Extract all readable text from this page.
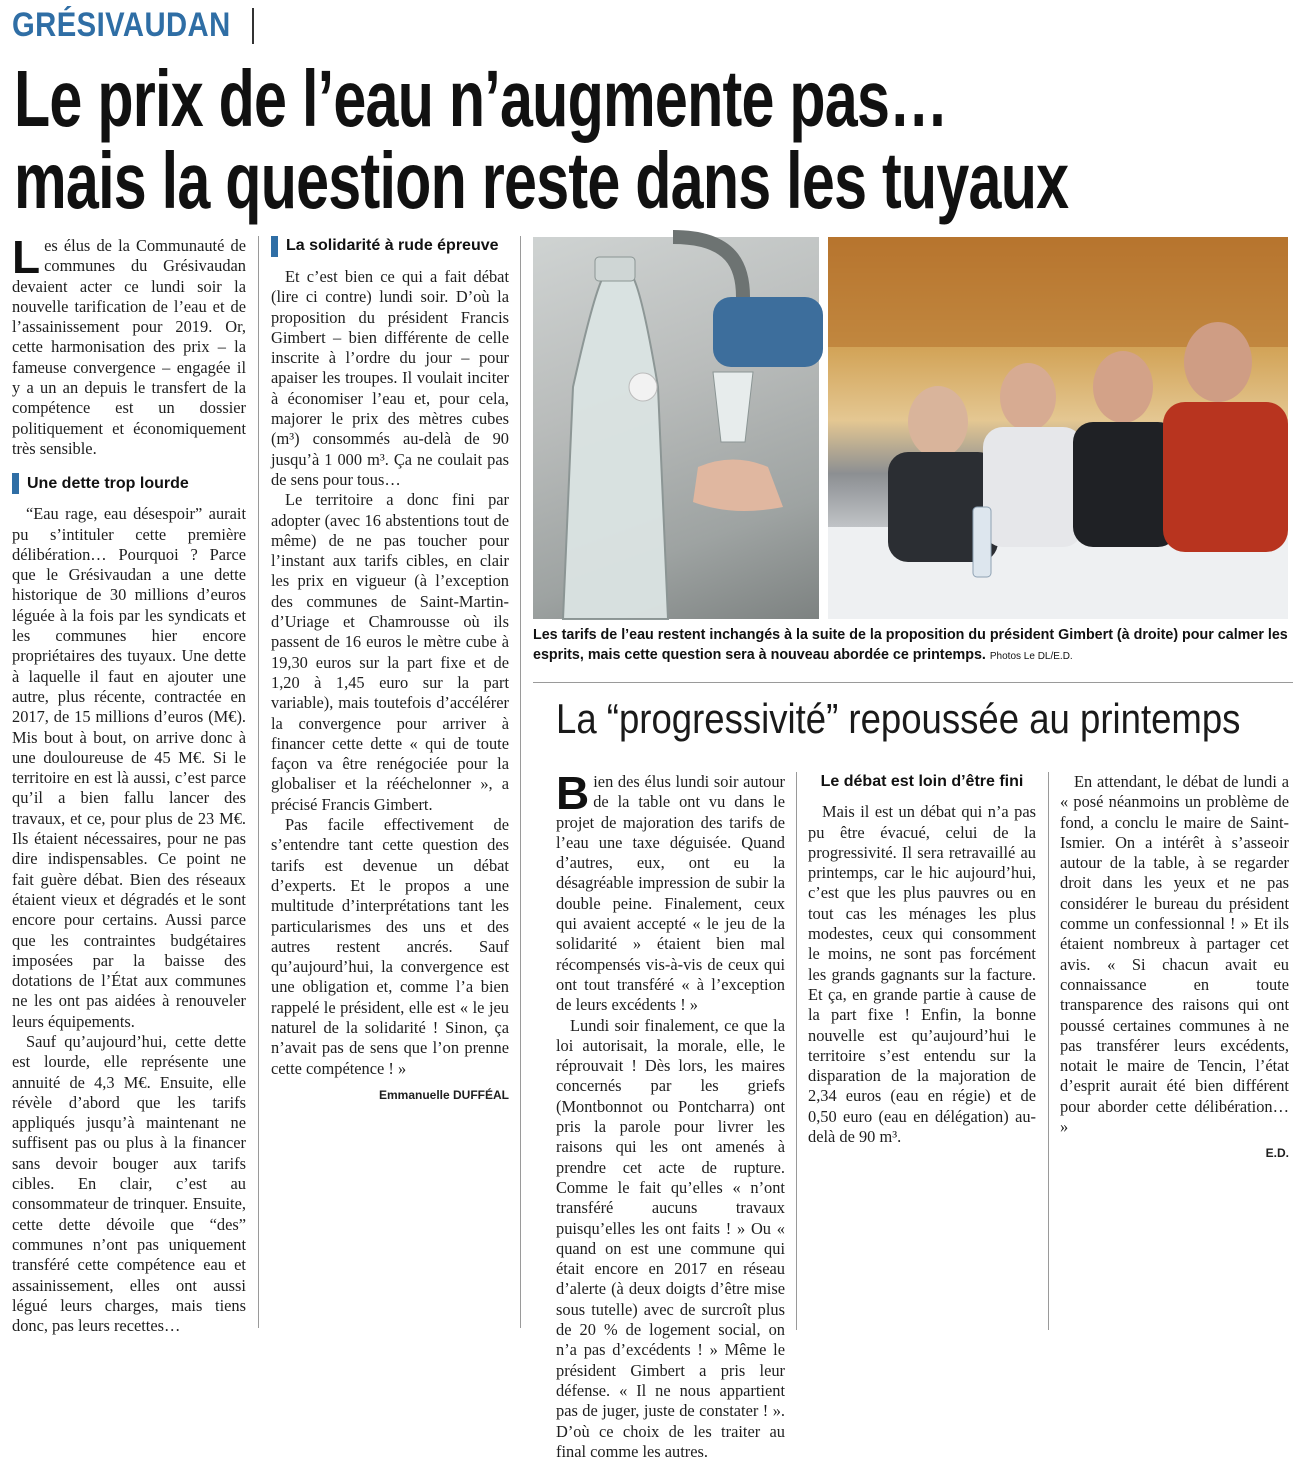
GRÉSIVAUDAN
Le prix de l’eau n’augmente pas…
mais la question reste dans les tuyaux

Les élus de la Communauté de communes du Grésivaudan devaient acter ce lundi soir la nouvelle tarification de l’eau et de l’assainissement pour 2019. Or, cette harmonisation des prix – la fameuse convergence – engagée il y a un an depuis le transfert de la compétence est un dossier politiquement et économiquement très sensible.

Une dette trop lourde

“Eau rage, eau désespoir” aurait pu s’intituler cette première délibération… Pourquoi ? Parce que le Grésivaudan a une dette historique de 30 millions d’euros léguée à la fois par les syndicats et les communes hier encore propriétaires des tuyaux. Une dette à laquelle il faut en ajouter une autre, plus récente, contractée en 2017, de 15 millions d’euros (M€). Mis bout à bout, on arrive donc à une douloureuse de 45 M€. Si le territoire en est là aussi, c’est parce qu’il a bien fallu lancer des travaux, et ce, pour plus de 23 M€. Ils étaient nécessaires, pour ne pas dire indispensables. Ce point ne fait guère débat. Bien des réseaux étaient vieux et dégradés et le sont encore pour certains. Aussi parce que les contraintes budgétaires imposées par la baisse des dotations de l’État aux communes ne les ont pas aidées à renouveler leurs équipements.

Sauf qu’aujourd’hui, cette dette est lourde, elle représente une annuité de 4,3 M€. Ensuite, elle révèle d’abord que les tarifs appliqués jusqu’à maintenant ne suffisent pas ou plus à la financer sans devoir bouger aux tarifs cibles. En clair, c’est au consommateur de trinquer. Ensuite, cette dette dévoile que “des” communes n’ont pas uniquement transféré cette compétence eau et assainissement, elles ont aussi légué leurs charges, mais tiens donc, pas leurs recettes…

La solidarité à rude épreuve

Et c’est bien ce qui a fait débat (lire ci contre) lundi soir. D’où la proposition du président Francis Gimbert – bien différente de celle inscrite à l’ordre du jour – pour apaiser les troupes. Il voulait inciter à économiser l’eau et, pour cela, majorer le prix des mètres cubes (m³) consommés au-delà de 90 jusqu’à 1 000 m³. Ça ne coulait pas de sens pour tous…

Le territoire a donc fini par adopter (avec 16 abstentions tout de même) de ne pas toucher pour l’instant aux tarifs cibles, en clair les prix en vigueur (à l’exception des communes de Saint-Martin-d’Uriage et Chamrousse où ils passent de 16 euros le mètre cube à 19,30 euros sur la part fixe et de 1,20 à 1,45 euro sur la part variable), mais toutefois d’accélérer la convergence pour arriver à financer cette dette « qui de toute façon va être renégociée pour la globaliser et la rééchelonner », a précisé Francis Gimbert.

Pas facile effectivement de s’entendre tant cette question des tarifs est devenue un débat d’experts. Et le propos a une multitude d’interprétations tant les particularismes des uns et des autres restent ancrés. Sauf qu’aujourd’hui, la convergence est une obligation et, comme l’a bien rappelé le président, elle est « le jeu naturel de la solidarité ! Sinon, ça n’avait pas de sens que l’on prenne cette compétence ! »

Emmanuelle DUFFÉAL
Les tarifs de l’eau restent inchangés à la suite de la proposition du président Gimbert (à droite) pour calmer les esprits, mais cette question sera à nouveau abordée ce printemps. Photos Le DL/E.D.
La “progressivité” repoussée au printemps

Bien des élus lundi soir autour de la table ont vu dans le projet de majoration des tarifs de l’eau une taxe déguisée. Quand d’autres, eux, ont eu la désagréable impression de subir la double peine. Finalement, ceux qui avaient accepté « le jeu de la solidarité » étaient bien mal récompensés vis-à-vis de ceux qui ont tout transféré « à l’exception de leurs excédents ! »

Lundi soir finalement, ce que la loi autorisait, la morale, elle, le réprouvait ! Dès lors, les maires concernés par les griefs (Montbonnot ou Pontcharra) ont pris la parole pour livrer les raisons qui les ont amenés à prendre cet acte de rupture. Comme le fait qu’elles « n’ont transféré aucuns travaux puisqu’elles les ont faits ! » Ou « quand on est une commune qui était encore en 2017 en réseau d’alerte (à deux doigts d’être mise sous tutelle) avec de surcroît plus de 20 % de logement social, on n’a pas d’excédents ! » Même le président Gimbert a pris leur défense. « Il ne nous appartient pas de juger, juste de constater ! ». D’où ce choix de les traiter au final comme les autres.

Le débat est loin d’être fini

Mais il est un débat qui n’a pas pu être évacué, celui de la progressivité. Il sera retravaillé au printemps, car le hic aujourd’hui, c’est que les plus pauvres ou en tout cas les ménages les plus modestes, ceux qui consomment le moins, ne sont pas forcément les grands gagnants sur la facture. Et ça, en grande partie à cause de la part fixe ! Enfin, la bonne nouvelle est qu’aujourd’hui le territoire s’est entendu sur la disparation de la majoration de 2,34 euros (eau en régie) et de 0,50 euro (eau en délégation) au-delà de 90 m³.

En attendant, le débat de lundi a « posé néanmoins un problème de fond, a conclu le maire de Saint-Ismier. On a intérêt à s’asseoir autour de la table, à se regarder droit dans les yeux et ne pas considérer le bureau du président comme un confessionnal ! » Et ils étaient nombreux à partager cet avis. « Si chacun avait eu connaissance en toute transparence des raisons qui ont poussé certaines communes à ne pas transférer leurs excédents, notait le maire de Tencin, l’état d’esprit aurait été bien différent pour aborder cette délibération… »

E.D.
